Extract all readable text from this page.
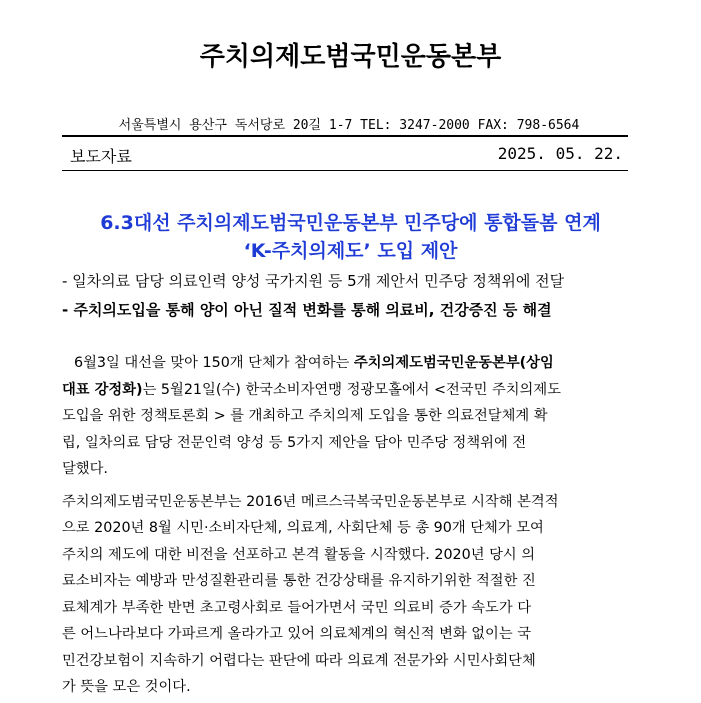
주치의제도범국민운동본부
서울특별시 용산구 독서당로 20길 1-7 TEL: 3247-2000 FAX: 798-6564
보도자료	2025. 05. 22.
6.3대선 주치의제도범국민운동본부 민주당에 통합돌봄 연계
‘K-주치의제도’ 도입 제안
- 일차의료 담당 의료인력 양성 국가지원 등 5개 제안서 민주당 정책위에 전달
- 주치의도입을 통해 양이 아닌 질적 변화를 통해 의료비, 건강증진 등 해결
6월3일 대선을 맞아 150개 단체가 참여하는 주치의제도범국민운동본부(상임
대표 강정화)는 5월21일(수) 한국소비자연맹 정광모홀에서 <전국민 주치의제도
도입을 위한 정책토론회 > 를 개최하고 주치의제 도입을 통한 의료전달체계 확
립, 일차의료 담당 전문인력 양성 등 5가지 제안을 담아 민주당 정책위에 전
달했다.
주치의제도범국민운동본부는 2016년 메르스극복국민운동본부로 시작해 본격적
으로 2020년 8월 시민·소비자단체, 의료계, 사회단체 등 총 90개 단체가 모여
주치의 제도에 대한 비전을 선포하고 본격 활동을 시작했다. 2020년 당시 의
료소비자는 예방과 만성질환관리를 통한 건강상태를 유지하기위한 적절한 진
료체계가 부족한 반면 초고령사회로 들어가면서 국민 의료비 증가 속도가 다
른 어느나라보다 가파르게 올라가고 있어 의료체계의 혁신적 변화 없이는 국
민건강보험이 지속하기 어렵다는 판단에 따라 의료계 전문가와 시민사회단체
가 뜻을 모은 것이다.
